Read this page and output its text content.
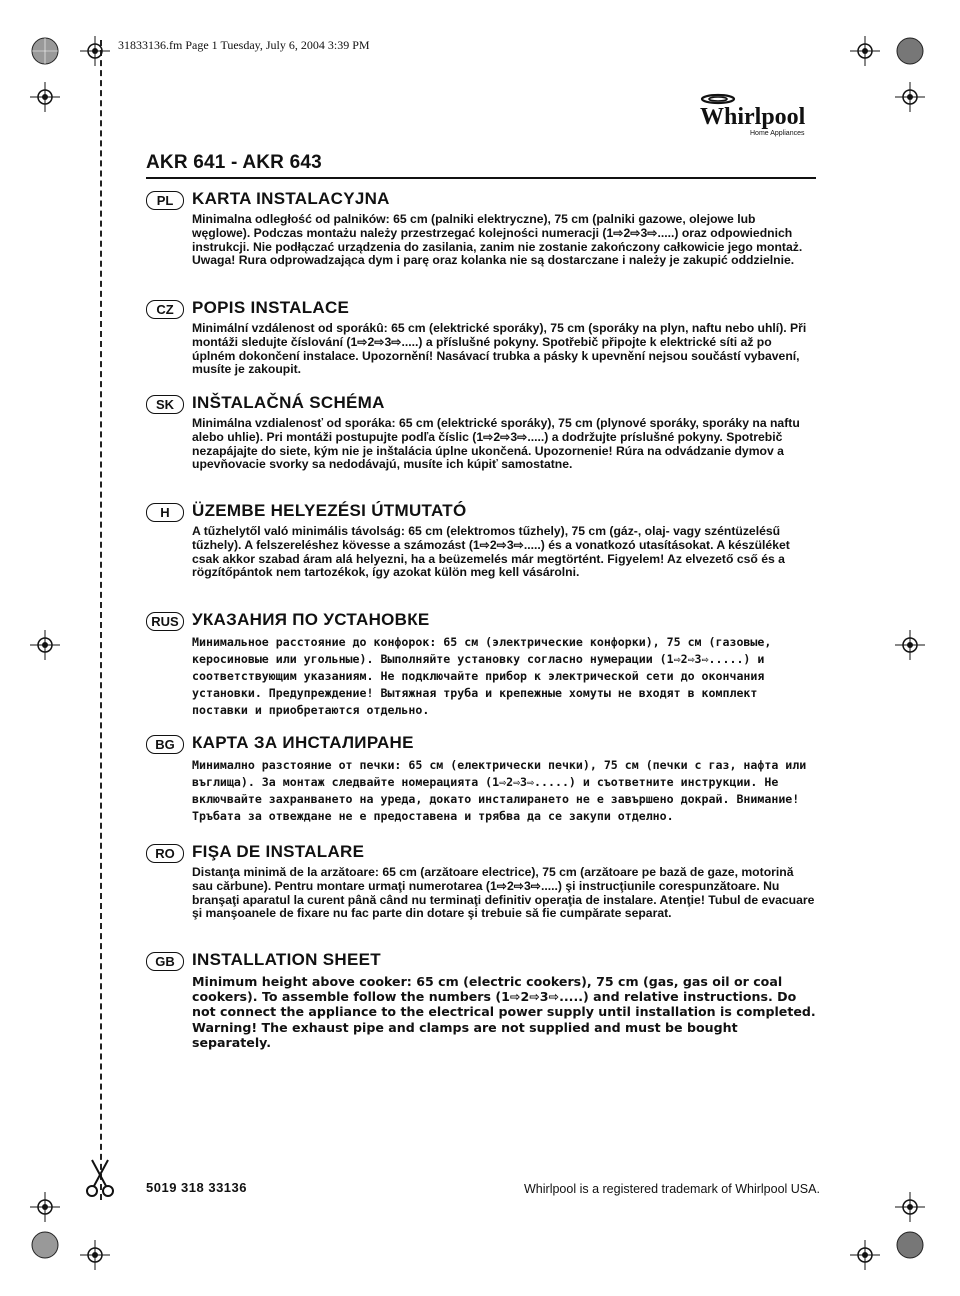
31833136.fm Page 1 Tuesday, July 6, 2004 3:39 PM
Whirlpool
Home Appliances
AKR 641 - AKR 643
PL	KARTA INSTALACYJNA
Minimalna odległość od palników: 65 cm (palniki elektryczne), 75 cm (palniki gazowe, olejowe lub węglowe). Podczas montażu należy przestrzegać kolejności numeracji (1⇨2⇨3⇨.....) oraz odpowiednich instrukcji. Nie podłączać urządzenia do zasilania, zanim nie zostanie zakończony całkowicie jego montaż. Uwaga! Rura odprowadzająca dym i parę oraz kolanka nie są dostarczane i należy je zakupić oddzielnie.
CZ	POPIS INSTALACE
Minimální vzdálenost od sporákû: 65 cm (elektrické sporáky), 75 cm (sporáky na plyn, naftu nebo uhlí). Při montáži sledujte číslování (1⇨2⇨3⇨.....) a příslušné pokyny. Spotřebič připojte k elektrické síti až po úplném dokončení instalace. Upozornění! Nasávací trubka a pásky k upevnění nejsou součástí vybavení, musíte je zakoupit.
SK	INŠTALAČNÁ SCHÉMA
Minimálna vzdialenosť od sporáka: 65 cm (elektrické sporáky), 75 cm (plynové sporáky, sporáky na naftu alebo uhlie). Pri montáži postupujte podľa číslic (1⇨2⇨3⇨.....) a dodržujte príslušné pokyny. Spotrebič nezapájajte do siete, kým nie je inštalácia úplne ukončená. Upozornenie! Rúra na odvádzanie dymov a upevňovacie svorky sa nedodávajú, musíte ich kúpiť samostatne.
H	ÜZEMBE HELYEZÉSI ÚTMUTATÓ
A tűzhelytől való minimális távolság: 65 cm (elektromos tűzhely), 75 cm (gáz-, olaj- vagy széntüzelésű tűzhely). A felszereléshez kövesse a számozást (1⇨2⇨3⇨.....) és a vonatkozó utasításokat. A készüléket csak akkor szabad áram alá helyezni, ha a beüzemelés már megtörtént. Figyelem! Az elvezető cső és a rögzítőpántok nem tartozékok, így azokat külön meg kell vásárolni.
RUS УКАЗАНИЯ ПО УСТАНОВКЕ
Минимальное расстояние до конфорок: 65 см (электрические конфорки), 75 см (газовые, керосиновые или угольные). Выполняйте установку согласно нумерации (1⇨2⇨3⇨.....) и соответствующим указаниям. Не подключайте прибор к электрической сети до окончания установки. Предупреждение! Вытяжная труба и крепежные хомуты не входят в комплект поставки и приобретаются отдельно.
BG	КАРТА ЗА ИНСТАЛИРАНЕ
Минимално разстояние от печки: 65 см (електрически печки), 75 см (печки с газ, нафта или въглища). За монтаж следвайте номерацията (1⇨2⇨3⇨.....) и съответните инструкции. Не включвайте захранването на уреда, докато инсталирането не е завършено докрай. Внимание! Тръбата за отвеждане не е предоставена и трябва да се закупи отделно.
RO	FIŞA DE INSTALARE
Distanţa minimă de la arzătoare: 65 cm (arzătoare electrice), 75 cm (arzătoare pe bază de gaze, motorină sau cărbune). Pentru montare urmaţi numerotarea (1⇨2⇨3⇨.....) şi instrucţiunile corespunzătoare. Nu branşaţi aparatul la curent până când nu terminaţi definitiv operaţia de instalare. Atenţie! Tubul de evacuare şi manşoanele de fixare nu fac parte din dotare şi trebuie să fie cumpărate separat.
GB	INSTALLATION SHEET
Minimum height above cooker: 65 cm (electric cookers), 75 cm (gas, gas oil or coal cookers). To assemble follow the numbers (1⇨2⇨3⇨.....) and relative instructions. Do not connect the appliance to the electrical power supply until installation is completed. Warning! The exhaust pipe and clamps are not supplied and must be bought separately.
5019 318 33136	Whirlpool is a registered trademark of Whirlpool USA.
